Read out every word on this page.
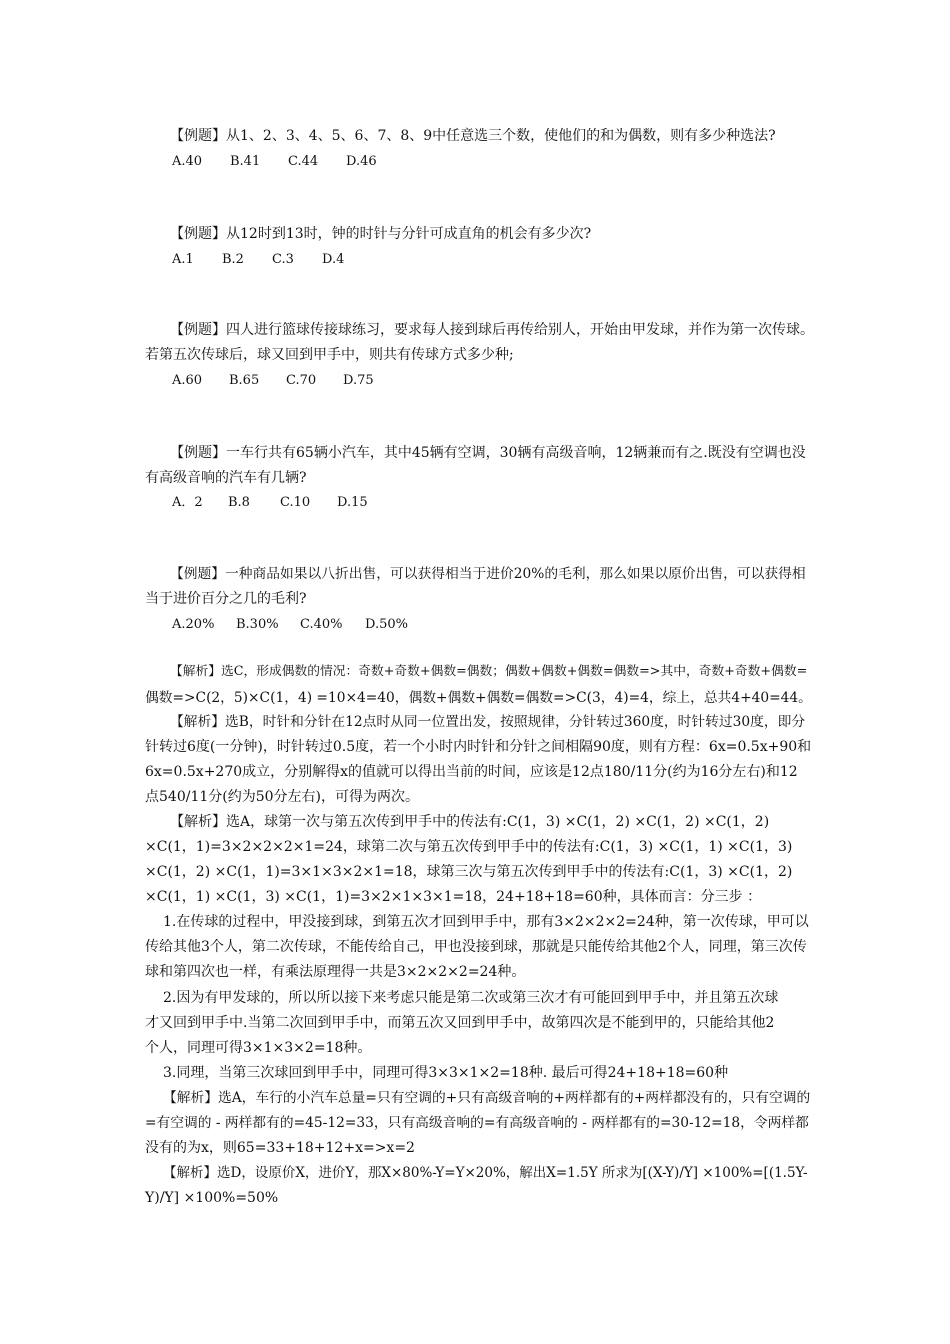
【例题】从1、2、3、4、5、6、7、8、9中任意选三个数，使他们的和为偶数，则有多少种选法?
A.40 B.41 C.44 D.46
【例题】从12时到13时，钟的时针与分针可成直角的机会有多少次?
A.1 B.2 C.3 D.4
【例题】四人进行篮球传接球练习，要求每人接到球后再传给别人，开始由甲发球，并作为第一次传球。
若第五次传球后，球又回到甲手中，则共有传球方式多少种;
A.60 B.65 C.70 D.75
【例题】一车行共有65辆小汽车，其中45辆有空调，30辆有高级音响，12辆兼而有之.既没有空调也没
有高级音响的汽车有几辆?
A．2 B.8 C.10 D.15
【例题】一种商品如果以八折出售，可以获得相当于进价20%的毛利，那么如果以原价出售，可以获得相
当于进价百分之几的毛利?
A.20% B.30% C.40% D.50%
【解析】选C，形成偶数的情况：奇数+奇数+偶数=偶数；偶数+偶数+偶数=偶数=>其中，奇数+奇数+偶数=
偶数=>C(2，5)×C(1，4) =10×4=40，偶数+偶数+偶数=偶数=>C(3，4)=4，综上，总共4+40=44。
【解析】选B，时针和分针在12点时从同一位置出发，按照规律，分针转过360度，时针转过30度，即分
针转过6度(一分钟)，时针转过0.5度，若一个小时内时针和分针之间相隔90度，则有方程：6x=0.5x+90和
6x=0.5x+270成立，分别解得x的值就可以得出当前的时间，应该是12点180/11分(约为16分左右)和12
点540/11分(约为50分左右)，可得为两次。
【解析】选A，球第一次与第五次传到甲手中的传法有:C(1，3) ×C(1，2) ×C(1，2) ×C(1，2)
×C(1，1)=3×2×2×2×1=24，球第二次与第五次传到甲手中的传法有:C(1，3) ×C(1，1) ×C(1，3)
×C(1，2) ×C(1，1)=3×1×3×2×1=18，球第三次与第五次传到甲手中的传法有:C(1，3) ×C(1，2)
×C(1，1) ×C(1，3) ×C(1，1)=3×2×1×3×1=18，24+18+18=60种，具体而言：分三步 ：
1.在传球的过程中，甲没接到球，到第五次才回到甲手中，那有3×2×2×2=24种，第一次传球，甲可以
传给其他3个人，第二次传球，不能传给自己，甲也没接到球，那就是只能传给其他2个人，同理，第三次传
球和第四次也一样，有乘法原理得一共是3×2×2×2=24种。
2.因为有甲发球的，所以所以接下来考虑只能是第二次或第三次才有可能回到甲手中，并且第五次球
才又回到甲手中.当第二次回到甲手中，而第五次又回到甲手中，故第四次是不能到甲的，只能给其他2
个人，同理可得3×1×3×2=18种。
3.同理，当第三次球回到甲手中，同理可得3×3×1×2=18种. 最后可得24+18+18=60种
【解析】选A，车行的小汽车总量=只有空调的+只有高级音响的+两样都有的+两样都没有的，只有空调的
=有空调的 - 两样都有的=45-12=33，只有高级音响的=有高级音响的 - 两样都有的=30-12=18，令两样都
没有的为x，则65=33+18+12+x=>x=2
【解析】选D，设原价X，进价Y，那X×80%-Y=Y×20%，解出X=1.5Y 所求为[(X-Y)/Y] ×100%=[(1.5Y-
Y)/Y] ×100%=50%
